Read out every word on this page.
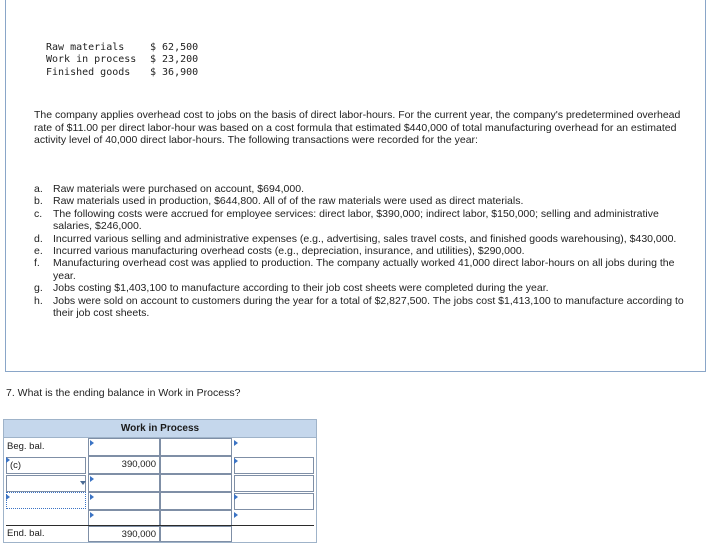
Raw materials	$ 62,500
Work in process	$ 23,200
Finished goods	$ 36,900
The company applies overhead cost to jobs on the basis of direct labor-hours. For the current year, the company's predetermined overhead rate of $11.00 per direct labor-hour was based on a cost formula that estimated $440,000 of total manufacturing overhead for an estimated activity level of 40,000 direct labor-hours. The following transactions were recorded for the year:
a. Raw materials were purchased on account, $694,000.
b. Raw materials used in production, $644,800. All of of the raw materials were used as direct materials.
c.	The following costs were accrued for employee services: direct labor, $390,000; indirect labor, $150,000; selling and administrative salaries, $246,000.
d. Incurred various selling and administrative expenses (e.g., advertising, sales travel costs, and finished goods warehousing), $430,000.
e. Incurred various manufacturing overhead costs (e.g., depreciation, insurance, and utilities), $290,000.
f.	Manufacturing overhead cost was applied to production. The company actually worked 41,000 direct labor-hours on all jobs during the year.
g. Jobs costing $1,403,100 to manufacture according to their job cost sheets were completed during the year.
h. Jobs were sold on account to customers during the year for a total of $2,827,500. The jobs cost $1,413,100 to manufacture according to their job cost sheets.
7. What is the ending balance in Work in Process?
Work in Process
Beg. bal.
(c)	390,000
End. bal.	390,000
